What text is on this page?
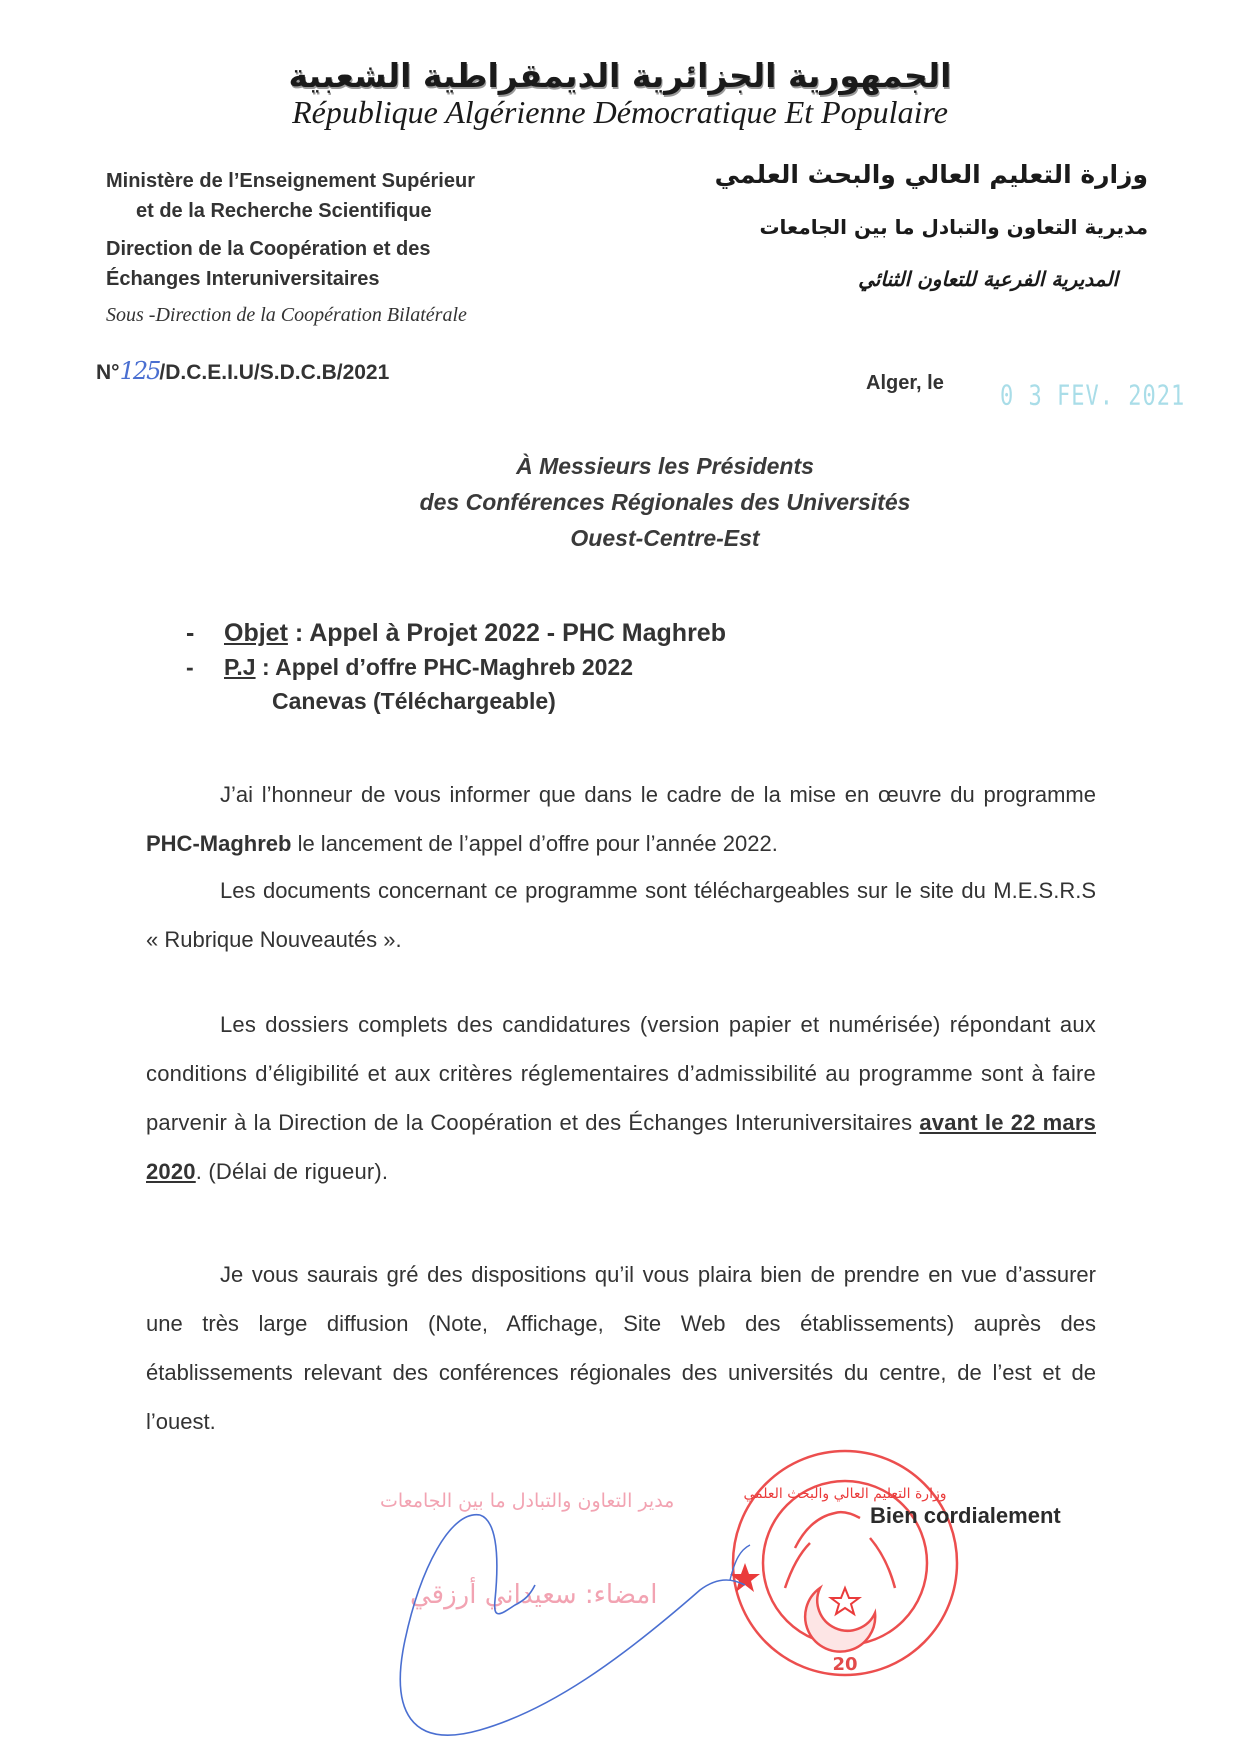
الجمهورية الجزائرية الديمقراطية الشعبية
République Algérienne Démocratique Et Populaire
Ministère de l’Enseignement Supérieur
et de la Recherche Scientifique
Direction de la Coopération et des
Échanges Interuniversitaires
Sous -Direction de la Coopération Bilatérale
N°125/D.C.E.I.U/S.D.C.B/2021
وزارة التعليم العالي والبحث العلمي
مديرية التعاون والتبادل ما بين الجامعات
المديرية الفرعية للتعاون الثنائي
Alger, le	0 3 FEV. 2021
À Messieurs les Présidents
des Conférences Régionales des Universités
Ouest-Centre-Est
-	Objet : Appel à Projet 2022 - PHC Maghreb
-	P.J : Appel d’offre PHC-Maghreb 2022
Canevas (Téléchargeable)
J’ai l’honneur de vous informer que dans le cadre de la mise en œuvre du programme PHC-Maghreb le lancement de l’appel d’offre pour l’année 2022.
Les documents concernant ce programme sont téléchargeables sur le site du M.E.S.R.S « Rubrique Nouveautés ».
Les dossiers complets des candidatures (version papier et numérisée) répondant aux conditions d’éligibilité et aux critères réglementaires d’admissibilité au programme sont à faire parvenir à la Direction de la Coopération et des Échanges Interuniversitaires avant le 22 mars 2020. (Délai de rigueur).
Je vous saurais gré des dispositions qu’il vous plaira bien de prendre en vue d’assurer une très large diffusion (Note, Affichage, Site Web des établissements) auprès des établissements relevant des conférences régionales des universités du centre, de l’est et de l’ouest.
مدير التعاون والتبادل ما بين الجامعات
امضاء: سعيداني أرزقي
20
وزارة التعليم العالي والبحث العلمي
Bien cordialement
